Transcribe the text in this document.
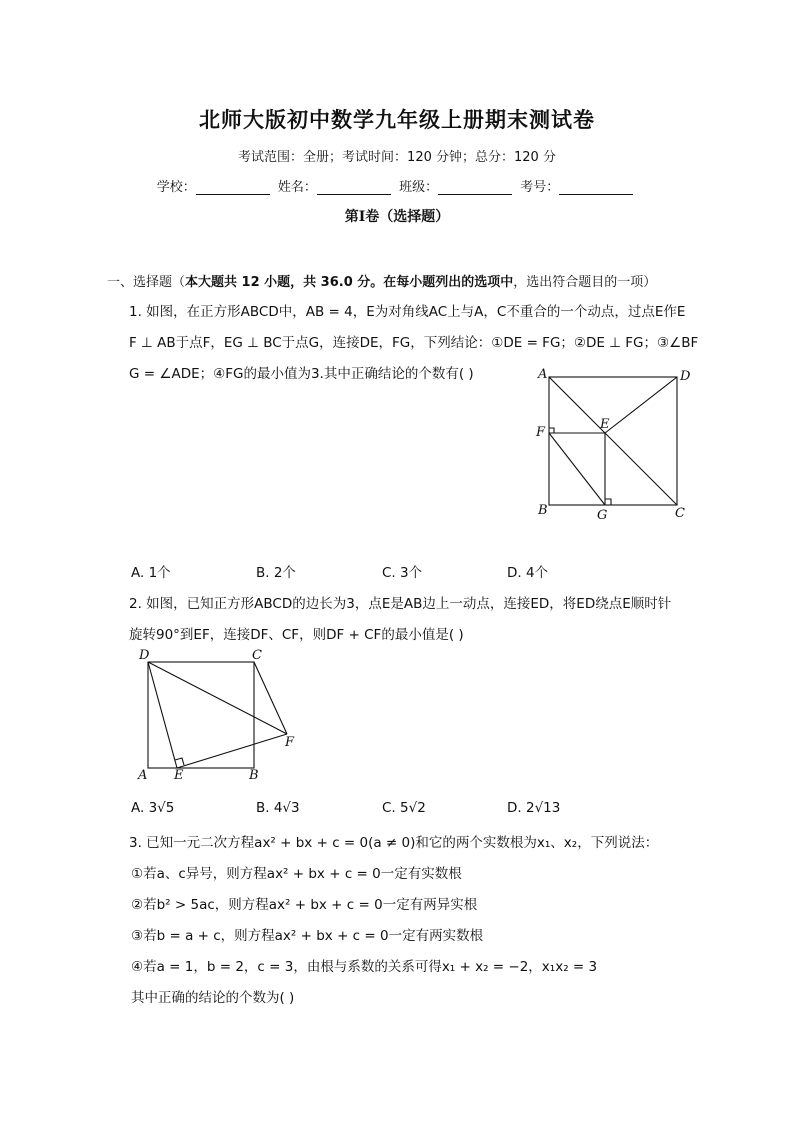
北师大版初中数学九年级上册期末测试卷
考试范围：全册；考试时间：120 分钟；总分：120 分
学校：	姓名：	班级：	考号：
第Ⅰ卷（选择题）
一、选择题（本大题共 12 小题，共 36.0 分。在每小题列出的选项中，选出符合题目的一项）
1. 如图，在正方形ABCD中，AB = 4，E为对角线AC上与A，C不重合的一个动点，过点E作E
F ⊥ AB于点F，EG ⊥ BC于点G，连接DE，FG，下列结论：①DE = FG；②DE ⊥ FG；③∠BF
G = ∠ADE；④FG的最小值为3.其中正确结论的个数有( )	A	D
E
F
B	G	C
A. 1个	B. 2个	C. 3个	D. 4个
2. 如图，已知正方形ABCD的边长为3，点E是AB边上一动点，连接ED，将ED绕点E顺时针
旋转90°到EF，连接DF、CF，则DF + CF的最小值是( )
D	C
F
A E	B
A. 3√5	B. 4√3	C. 5√2	D. 2√13
3. 已知一元二次方程ax² + bx + c = 0(a ≠ 0)和它的两个实数根为x₁、x₂，下列说法：
①若a、c异号，则方程ax² + bx + c = 0一定有实数根
②若b² > 5ac，则方程ax² + bx + c = 0一定有两异实根
③若b = a + c，则方程ax² + bx + c = 0一定有两实数根
④若a = 1，b = 2，c = 3，由根与系数的关系可得x₁ + x₂ = −2，x₁x₂ = 3
其中正确的结论的个数为( )
